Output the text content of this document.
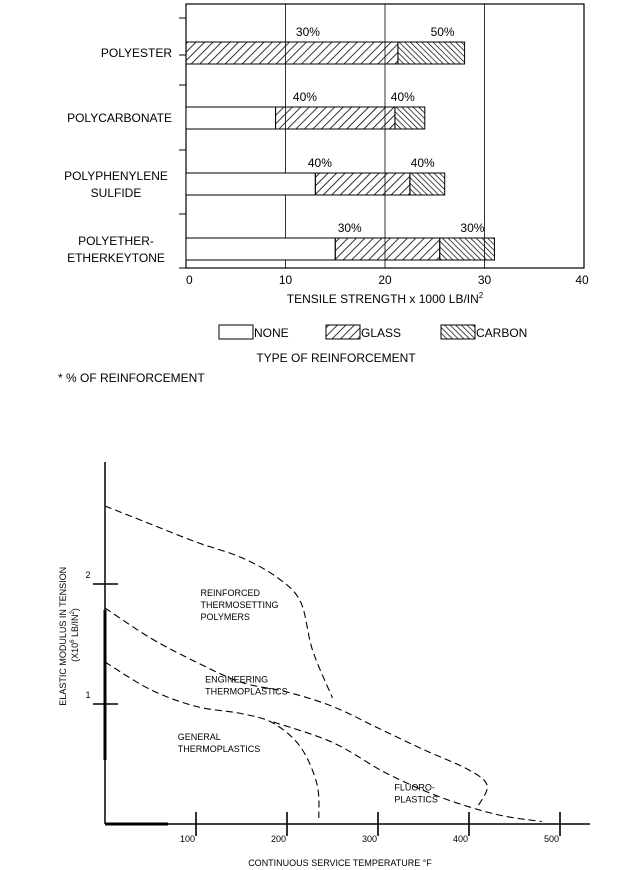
30%	50%
40%	40%
40%	40%
30%	30%
POLYESTER
POLYCARBONATE
POLYPHENYLENE
SULFIDE
POLYETHER-
ETHERKEYTONE
0	10	20	30	40
TENSILE STRENGTH x 1000 $LB/IN^2$
NONE	GLASS	CARBON
TYPE OF REINFORCEMENT
* % OF REINFORCEMENT
100	200	300	400	500
1
2
REINFORCED
THERMOSETTING
POLYMERS
ENGINEERING
THERMOPLASTICS
GENERAL
THERMOPLASTICS
FLUORO-
PLASTICS
CONTINUOUS SERVICE TEMPERATURE °F
ELASTIC MODULUS IN TENSION ($X10^6$ $LB/IN^2$)
